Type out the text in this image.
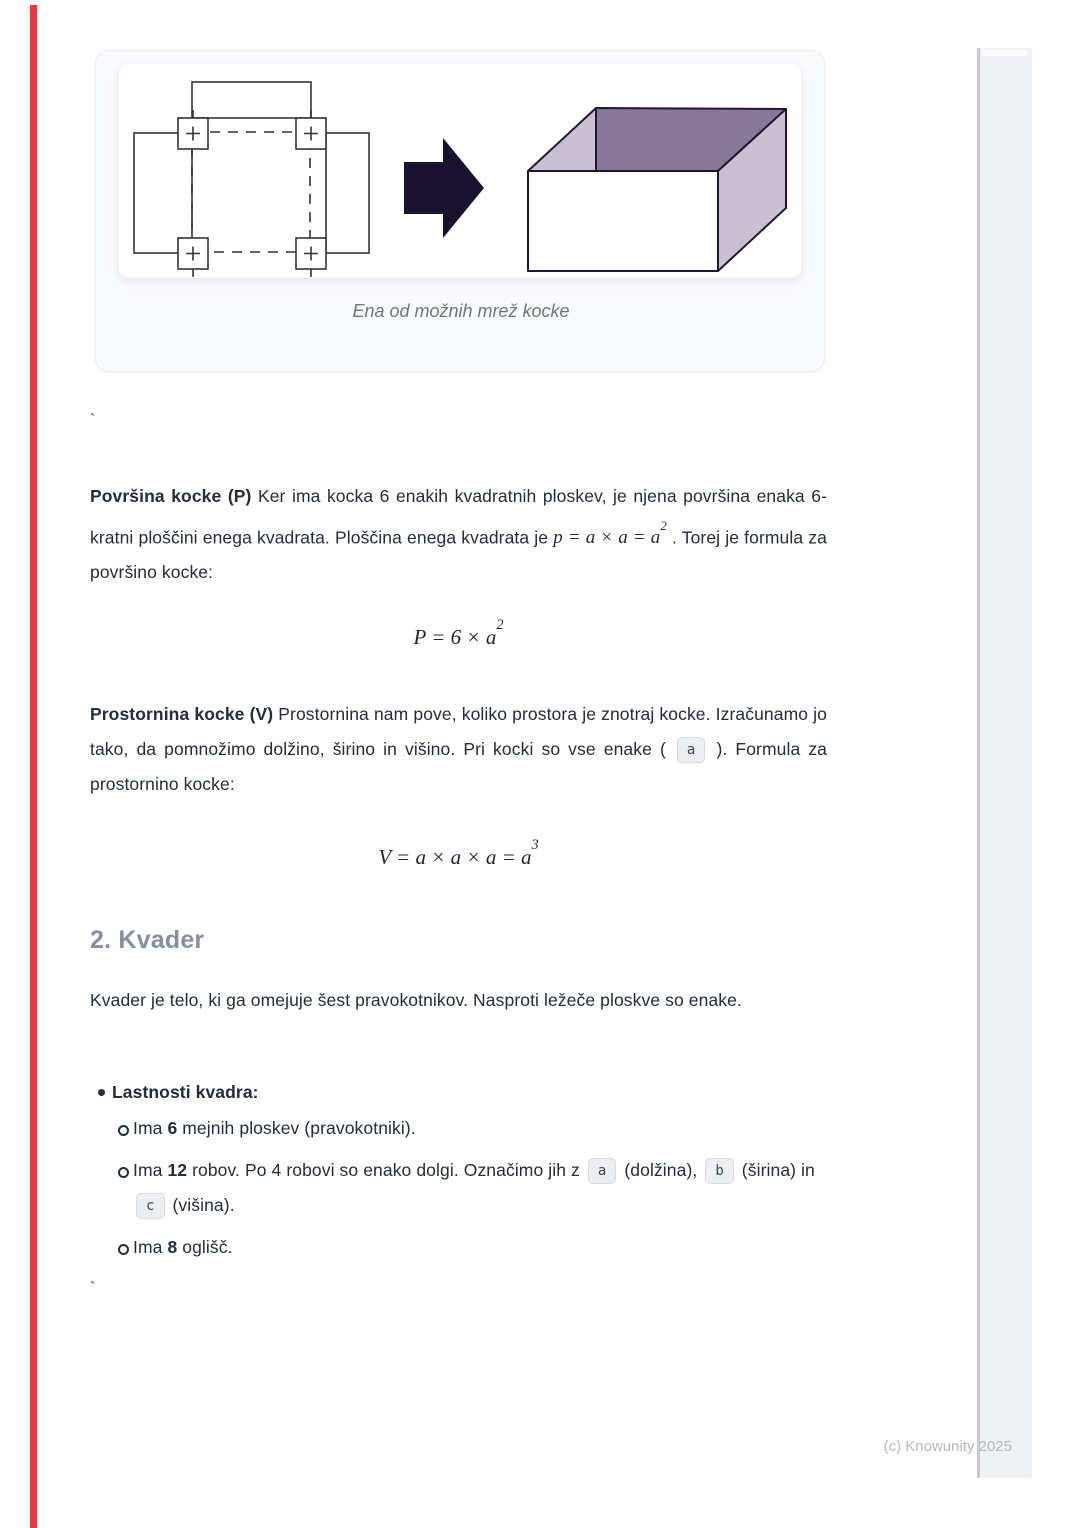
Ena od možnih mrež kocke
`

Površina kocke (P) Ker ima kocka 6 enakih kvadratnih ploskev, je njena površina enaka 6-kratni ploščini enega kvadrata. Ploščina enega kvadrata je $p = a \times a = a^2$ . Torej je formula za površino kocke:

$P = 6 \times a^2$

Prostornina kocke (V) Prostornina nam pove, koliko prostora je znotraj kocke. Izračunamo jo tako, da pomnožimo dolžino, širino in višino. Pri kocki so vse enake ( a ). Formula za prostornino kocke:

$V = a \times a \times a = a^3$
2. Kvader

Kvader je telo, ki ga omejuje šest pravokotnikov. Nasproti ležeče ploskve so enake.

Lastnosti kvadra:
Ima 6 mejnih ploskev (pravokotniki).
Ima 12 robov. Po 4 robovi so enako dolgi. Označimo jih z a (dolžina), b (širina) in c (višina).
Ima 8 oglišč.
`
(c) Knowunity 2025
